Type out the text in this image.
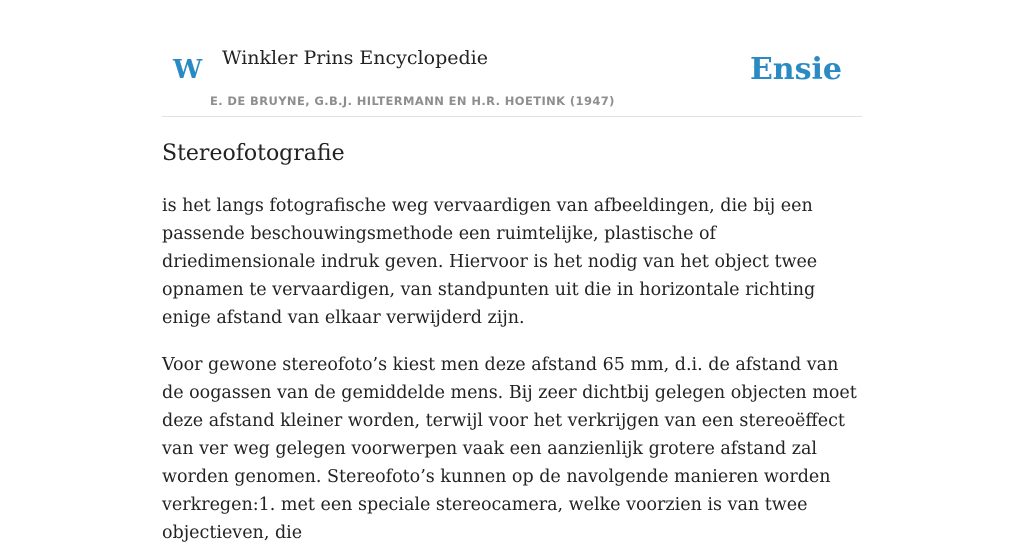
W Winkler Prins Encyclopedie
E. DE BRUYNE, G.B.J. HILTERMANN EN H.R. HOETINK (1947)
Ensie
Stereofotografie

is het langs fotografische weg vervaardigen van afbeeldingen, die bij een passende beschouwingsmethode een ruimtelijke, plastische of driedimensionale indruk geven. Hiervoor is het nodig van het object twee opnamen te vervaardigen, van standpunten uit die in horizontale richting enige afstand van elkaar verwijderd zijn.

Voor gewone stereofoto’s kiest men deze afstand 65 mm, d.i. de afstand van de oogassen van de gemiddelde mens. Bij zeer dichtbij gelegen objecten moet deze afstand kleiner worden, terwijl voor het verkrijgen van een stereoëffect van ver weg gelegen voorwerpen vaak een aanzienlijk grotere afstand zal worden genomen. Stereofoto’s kunnen op de navolgende manieren worden verkregen:1. met een speciale stereocamera, welke voorzien is van twee objectieven, die
